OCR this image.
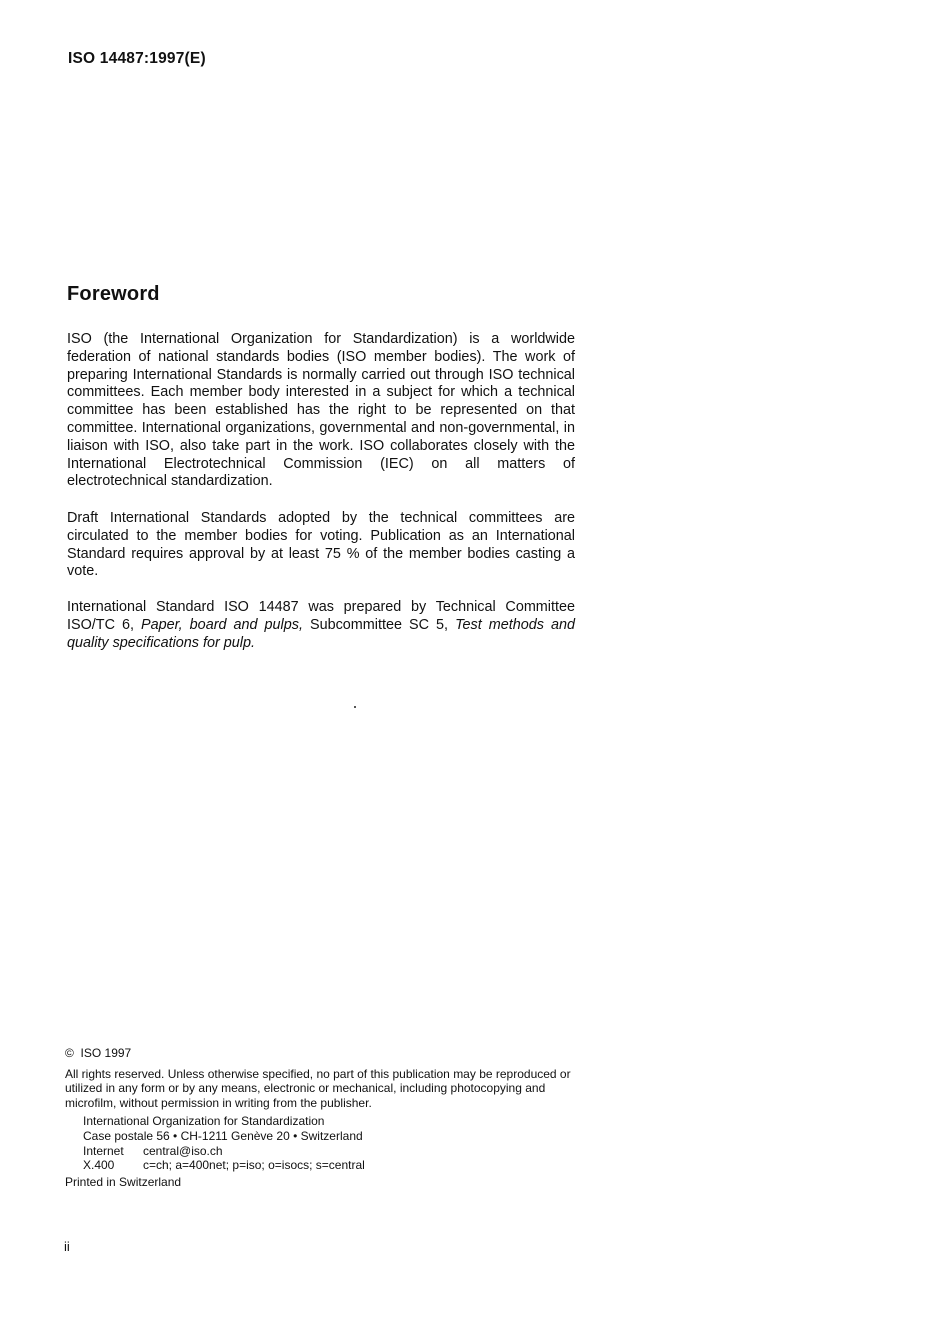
ISO 14487:1997(E)
Foreword

ISO (the International Organization for Standardization) is a worldwide federation of national standards bodies (ISO member bodies). The work of preparing International Standards is normally carried out through ISO technical committees. Each member body interested in a subject for which a technical committee has been established has the right to be represented on that committee. International organizations, governmental and non-governmental, in liaison with ISO, also take part in the work. ISO collaborates closely with the International Electrotechnical Commission (IEC) on all matters of electrotechnical standardization.

Draft International Standards adopted by the technical committees are circulated to the member bodies for voting. Publication as an International Standard requires approval by at least 75 % of the member bodies casting a vote.

International Standard ISO 14487 was prepared by Technical Committee ISO/TC 6, Paper, board and pulps, Subcommittee SC 5, Test methods and quality specifications for pulp.

© ISO 1997
All rights reserved. Unless otherwise specified, no part of this publication may be reproduced or utilized in any form or by any means, electronic or mechanical, including photocopying and microfilm, without permission in writing from the publisher.
International Organization for Standardization
Case postale 56 • CH-1211 Genève 20 • Switzerland
Internet central@iso.ch
X.400 c=ch; a=400net; p=iso; o=isocs; s=central
Printed in Switzerland
ii
